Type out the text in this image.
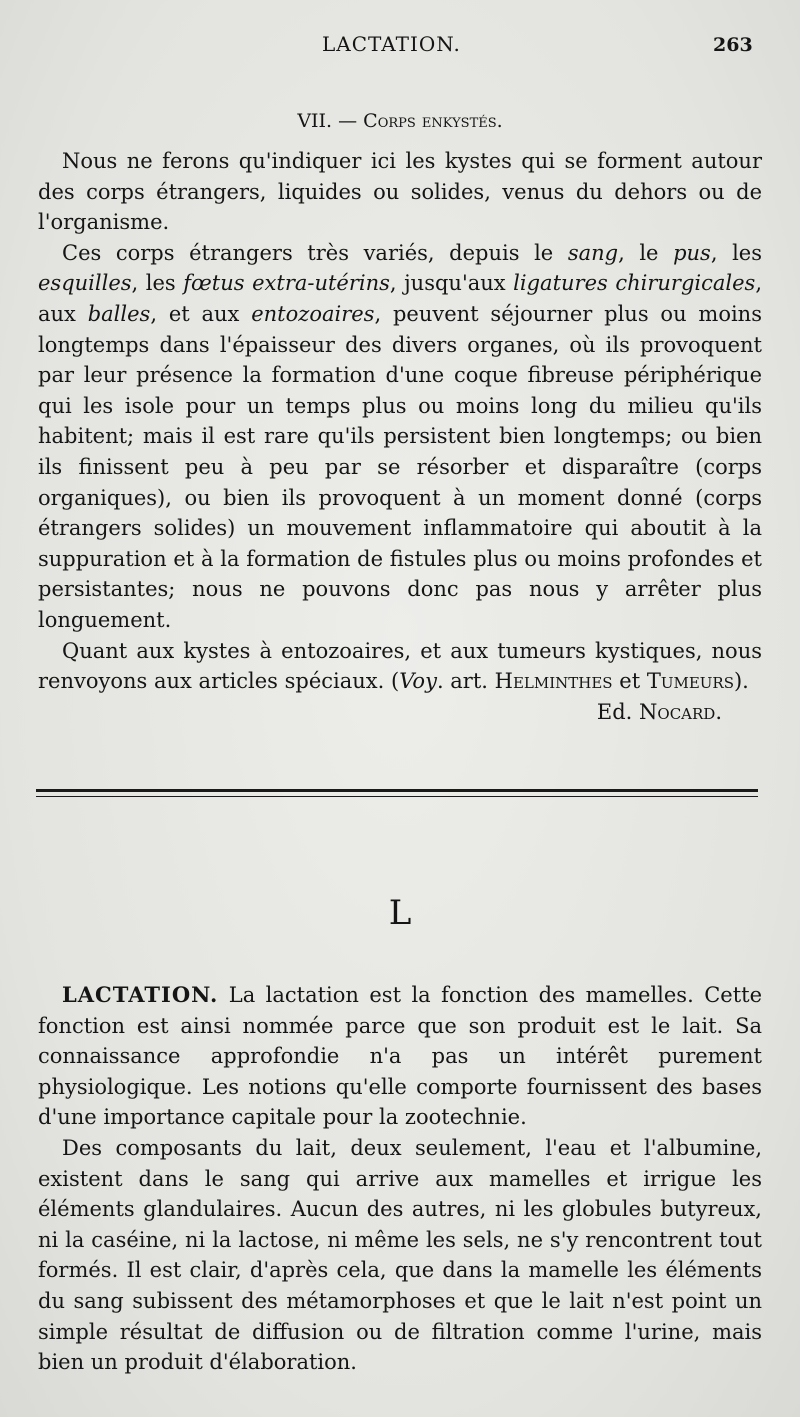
LACTATION.	263
VII. — Corps enkystés.

Nous ne ferons qu'indiquer ici les kystes qui se forment autour des corps étrangers, liquides ou solides, venus du dehors ou de l'organisme.

Ces corps étrangers très variés, depuis le sang, le pus, les esquilles, les fœtus extra-utérins, jusqu'aux ligatures chirurgicales, aux balles, et aux entozoaires, peuvent séjourner plus ou moins longtemps dans l'épaisseur des divers organes, où ils provoquent par leur présence la formation d'une coque fibreuse périphérique qui les isole pour un temps plus ou moins long du milieu qu'ils habitent; mais il est rare qu'ils persistent bien longtemps; ou bien ils finissent peu à peu par se résorber et disparaître (corps organiques), ou bien ils provoquent à un moment donné (corps étrangers solides) un mouvement inflammatoire qui aboutit à la suppuration et à la formation de fistules plus ou moins profondes et persistantes; nous ne pouvons donc pas nous y arrêter plus longuement.

Quant aux kystes à entozoaires, et aux tumeurs kystiques, nous renvoyons aux articles spéciaux. (Voy. art. Helminthes et Tumeurs).

Ed. Nocard.

L

LACTATION. La lactation est la fonction des mamelles. Cette fonction est ainsi nommée parce que son produit est le lait. Sa connaissance approfondie n'a pas un intérêt purement physiologique. Les notions qu'elle comporte fournissent des bases d'une importance capitale pour la zootechnie.

Des composants du lait, deux seulement, l'eau et l'albumine, existent dans le sang qui arrive aux mamelles et irrigue les éléments glandulaires. Aucun des autres, ni les globules butyreux, ni la caséine, ni la lactose, ni même les sels, ne s'y rencontrent tout formés. Il est clair, d'après cela, que dans la mamelle les éléments du sang subissent des métamorphoses et que le lait n'est point un simple résultat de diffusion ou de filtration comme l'urine, mais bien un produit d'élaboration.
